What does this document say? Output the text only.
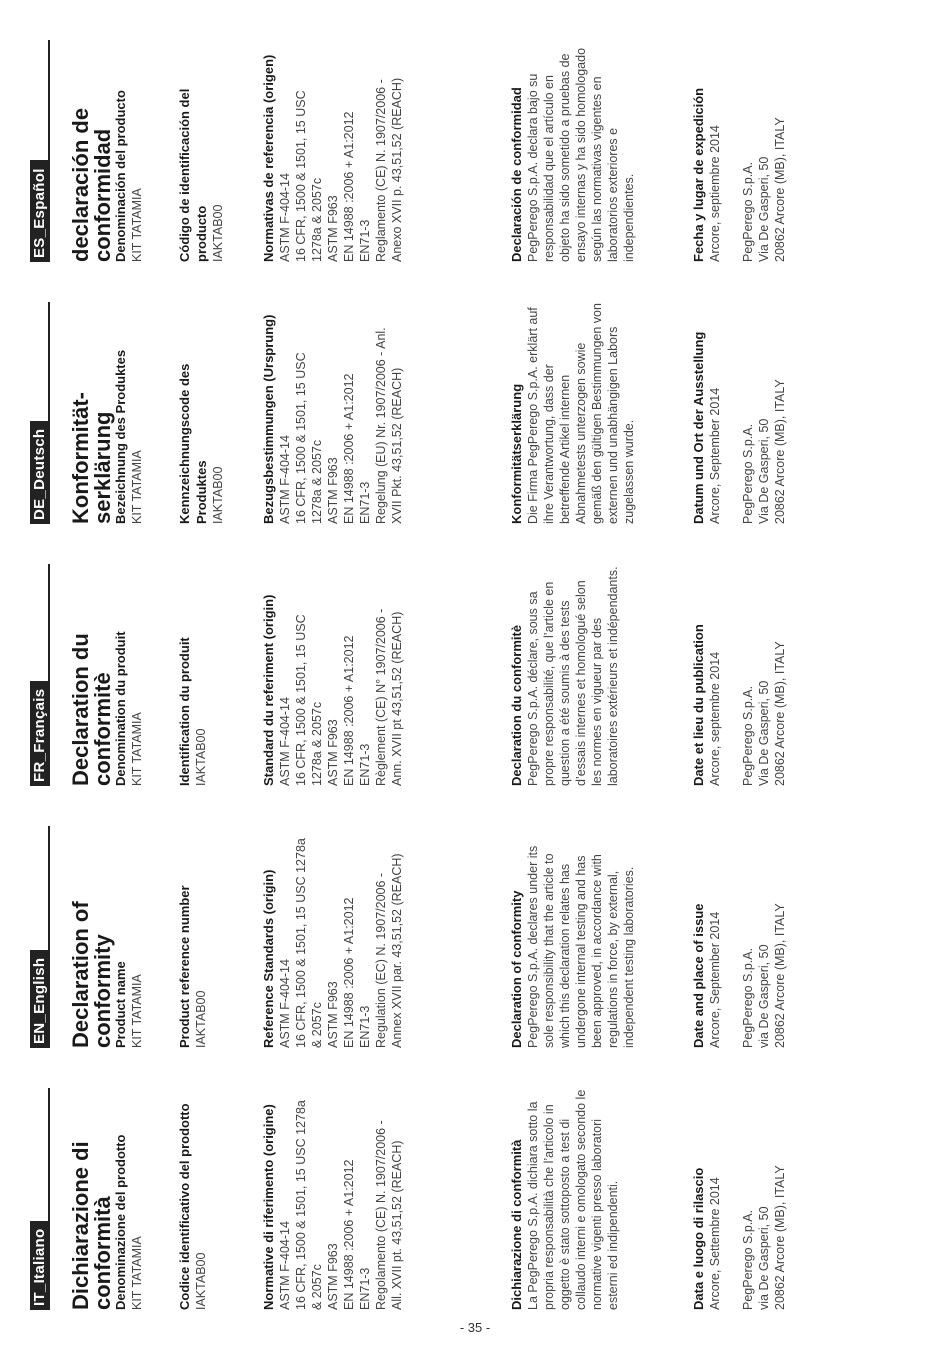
IT_Italiano Dichiarazione di conformità

Denominazione del prodotto KIT TATAMIA	Codice identificativo del prodotto IAKTAB00	Normative di riferimento (origine) ASTM F-404-14 16 CFR, 1500 & 1501, 15 USC 1278a & 2057c ASTM F963 EN 14988 :2006 + A1:2012 EN71-3 Regolamento (CE) N. 1907/2006 - All. XVII pt. 43,51,52 (REACH)	Dichiarazione di conformità La PegPerego S.p.A. dichiara sotto la propria responsabilità che l’articolo in oggetto è stato sottoposto a test di collaudo interni e omologato secondo le normative vigenti presso laboratori esterni ed indipendenti.	Data e luogo di rilascio Arcore, Settembre 2014 PegPerego S.p.A. via De Gasperi, 50 20862 Arcore (MB), ITALY
EN_English Declaration of conformity

Product name KIT TATAMIA	Product reference number IAKTAB00	Reference Standards (origin) ASTM F-404-14 16 CFR, 1500 & 1501, 15 USC 1278a & 2057c ASTM F963 EN 14988 :2006 + A1:2012 EN71-3 Regulation (EC) N. 1907/2006 - Annex XVII par. 43,51,52 (REACH)	Declaration of conformity PegPerego S.p.A. declares under its sole responsibility that the article to which this declaration relates has undergone internal testing and has been approved, in accordance with regulations in force, by external, independent testing laboratories.	Date and place of issue Arcore, September 2014 PegPerego S.p.A. via De Gasperi, 50 20862 Arcore (MB), ITALY
FR_Français Declaration du conformitè

Denomination du produit KIT TATAMIA	Identification du produit IAKTAB00	Standard du referiment (origin) ASTM F-404-14 16 CFR, 1500 & 1501, 15 USC 1278a & 2057c ASTM F963 EN 14988 :2006 + A1:2012 EN71-3 Règlement (CE) N° 1907/2006 - Ann. XVII pt 43,51,52 (REACH)	Declaration du conformitè PegPerego S.p.A. déclare, sous sa propre responsabilité, que l’article en question a été soumis à des tests d’essais internes et homologué selon les normes en vigueur par des laboratoires extérieurs et indépendants.	Date et lieu du publication Arcore, septembre 2014 PegPerego S.p.A. Via De Gasperi, 50 20862 Arcore (MB), ITALY
DE_Deutsch Konformität-serklärung

Bezeichnung des Produktes KIT TATAMIA	Kennzeichnungscode des Produktes IAKTAB00	Bezugsbestimmungen (Ursprung) ASTM F-404-14 16 CFR, 1500 & 1501, 15 USC 1278a & 2057c ASTM F963 EN 14988 :2006 + A1:2012 EN71-3 Regelung (EU) Nr. 1907/2006 - Anl. XVII Pkt. 43,51,52 (REACH)	Konformitätserklärung Die Firma PegPerego S.p.A. erklärt auf ihre Verantwortung, dass der betreffende Artikel internen Abnahmetests unterzogen sowie gemäß den gültigen Bestimmungen von externen und unabhängigen Labors zugelassen wurde.	Datum und Ort der Ausstellung Arcore, September 2014 PegPerego S.p.A. Via De Gasperi, 50 20862 Arcore (MB), ITALY
ES_Español declaración de conformidad

Denominación del producto KIT TATAMIA	Código de identificación del producto IAKTAB00	Normativas de referencia (origen) ASTM F-404-14 16 CFR, 1500 & 1501, 15 USC 1278a & 2057c ASTM F963 EN 14988 :2006 + A1:2012 EN71-3 Reglamento (CE) N. 1907/2006 - Anexo XVII p. 43,51,52 (REACH)	Declaración de conformidad PegPerego S.p.A. declara bajo su responsabilidad que el artículo en objeto ha sido sometido a pruebas de ensayo internas y ha sido homologado según las normativas vigentes en laboratorios exteriores e independientes.	Fecha y lugar de expedición Arcore, septiembre 2014 PegPerego S.p.A. Via De Gasperi, 50 20862 Arcore (MB), ITALY
- 35 -
